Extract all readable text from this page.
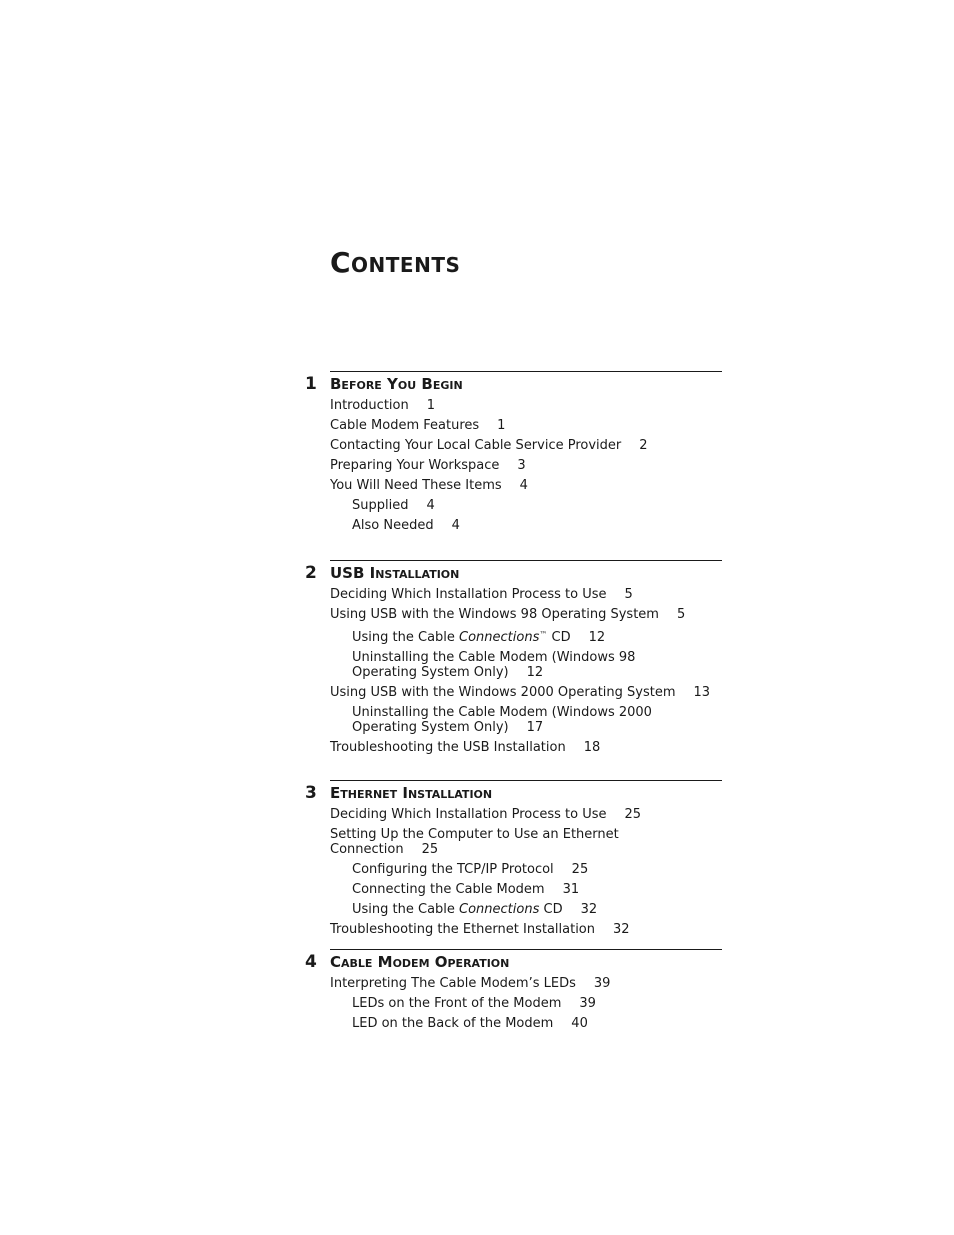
Contents
1 Before You Begin
Introduction 1
Cable Modem Features 1
Contacting Your Local Cable Service Provider 2
Preparing Your Workspace 3
You Will Need These Items 4
Supplied 4
Also Needed 4
2 USB Installation
Deciding Which Installation Process to Use 5
Using USB with the Windows 98 Operating System 5
Using the Cable Connections™ CD 12
Uninstalling the Cable Modem (Windows 98 Operating System Only) 12
Using USB with the Windows 2000 Operating System 13
Uninstalling the Cable Modem (Windows 2000 Operating System Only) 17
Troubleshooting the USB Installation 18
3 Ethernet Installation
Deciding Which Installation Process to Use 25
Setting Up the Computer to Use an Ethernet Connection 25
Configuring the TCP/IP Protocol 25
Connecting the Cable Modem 31
Using the Cable Connections CD 32
Troubleshooting the Ethernet Installation 32
4 Cable Modem Operation
Interpreting The Cable Modem’s LEDs 39
LEDs on the Front of the Modem 39
LED on the Back of the Modem 40
